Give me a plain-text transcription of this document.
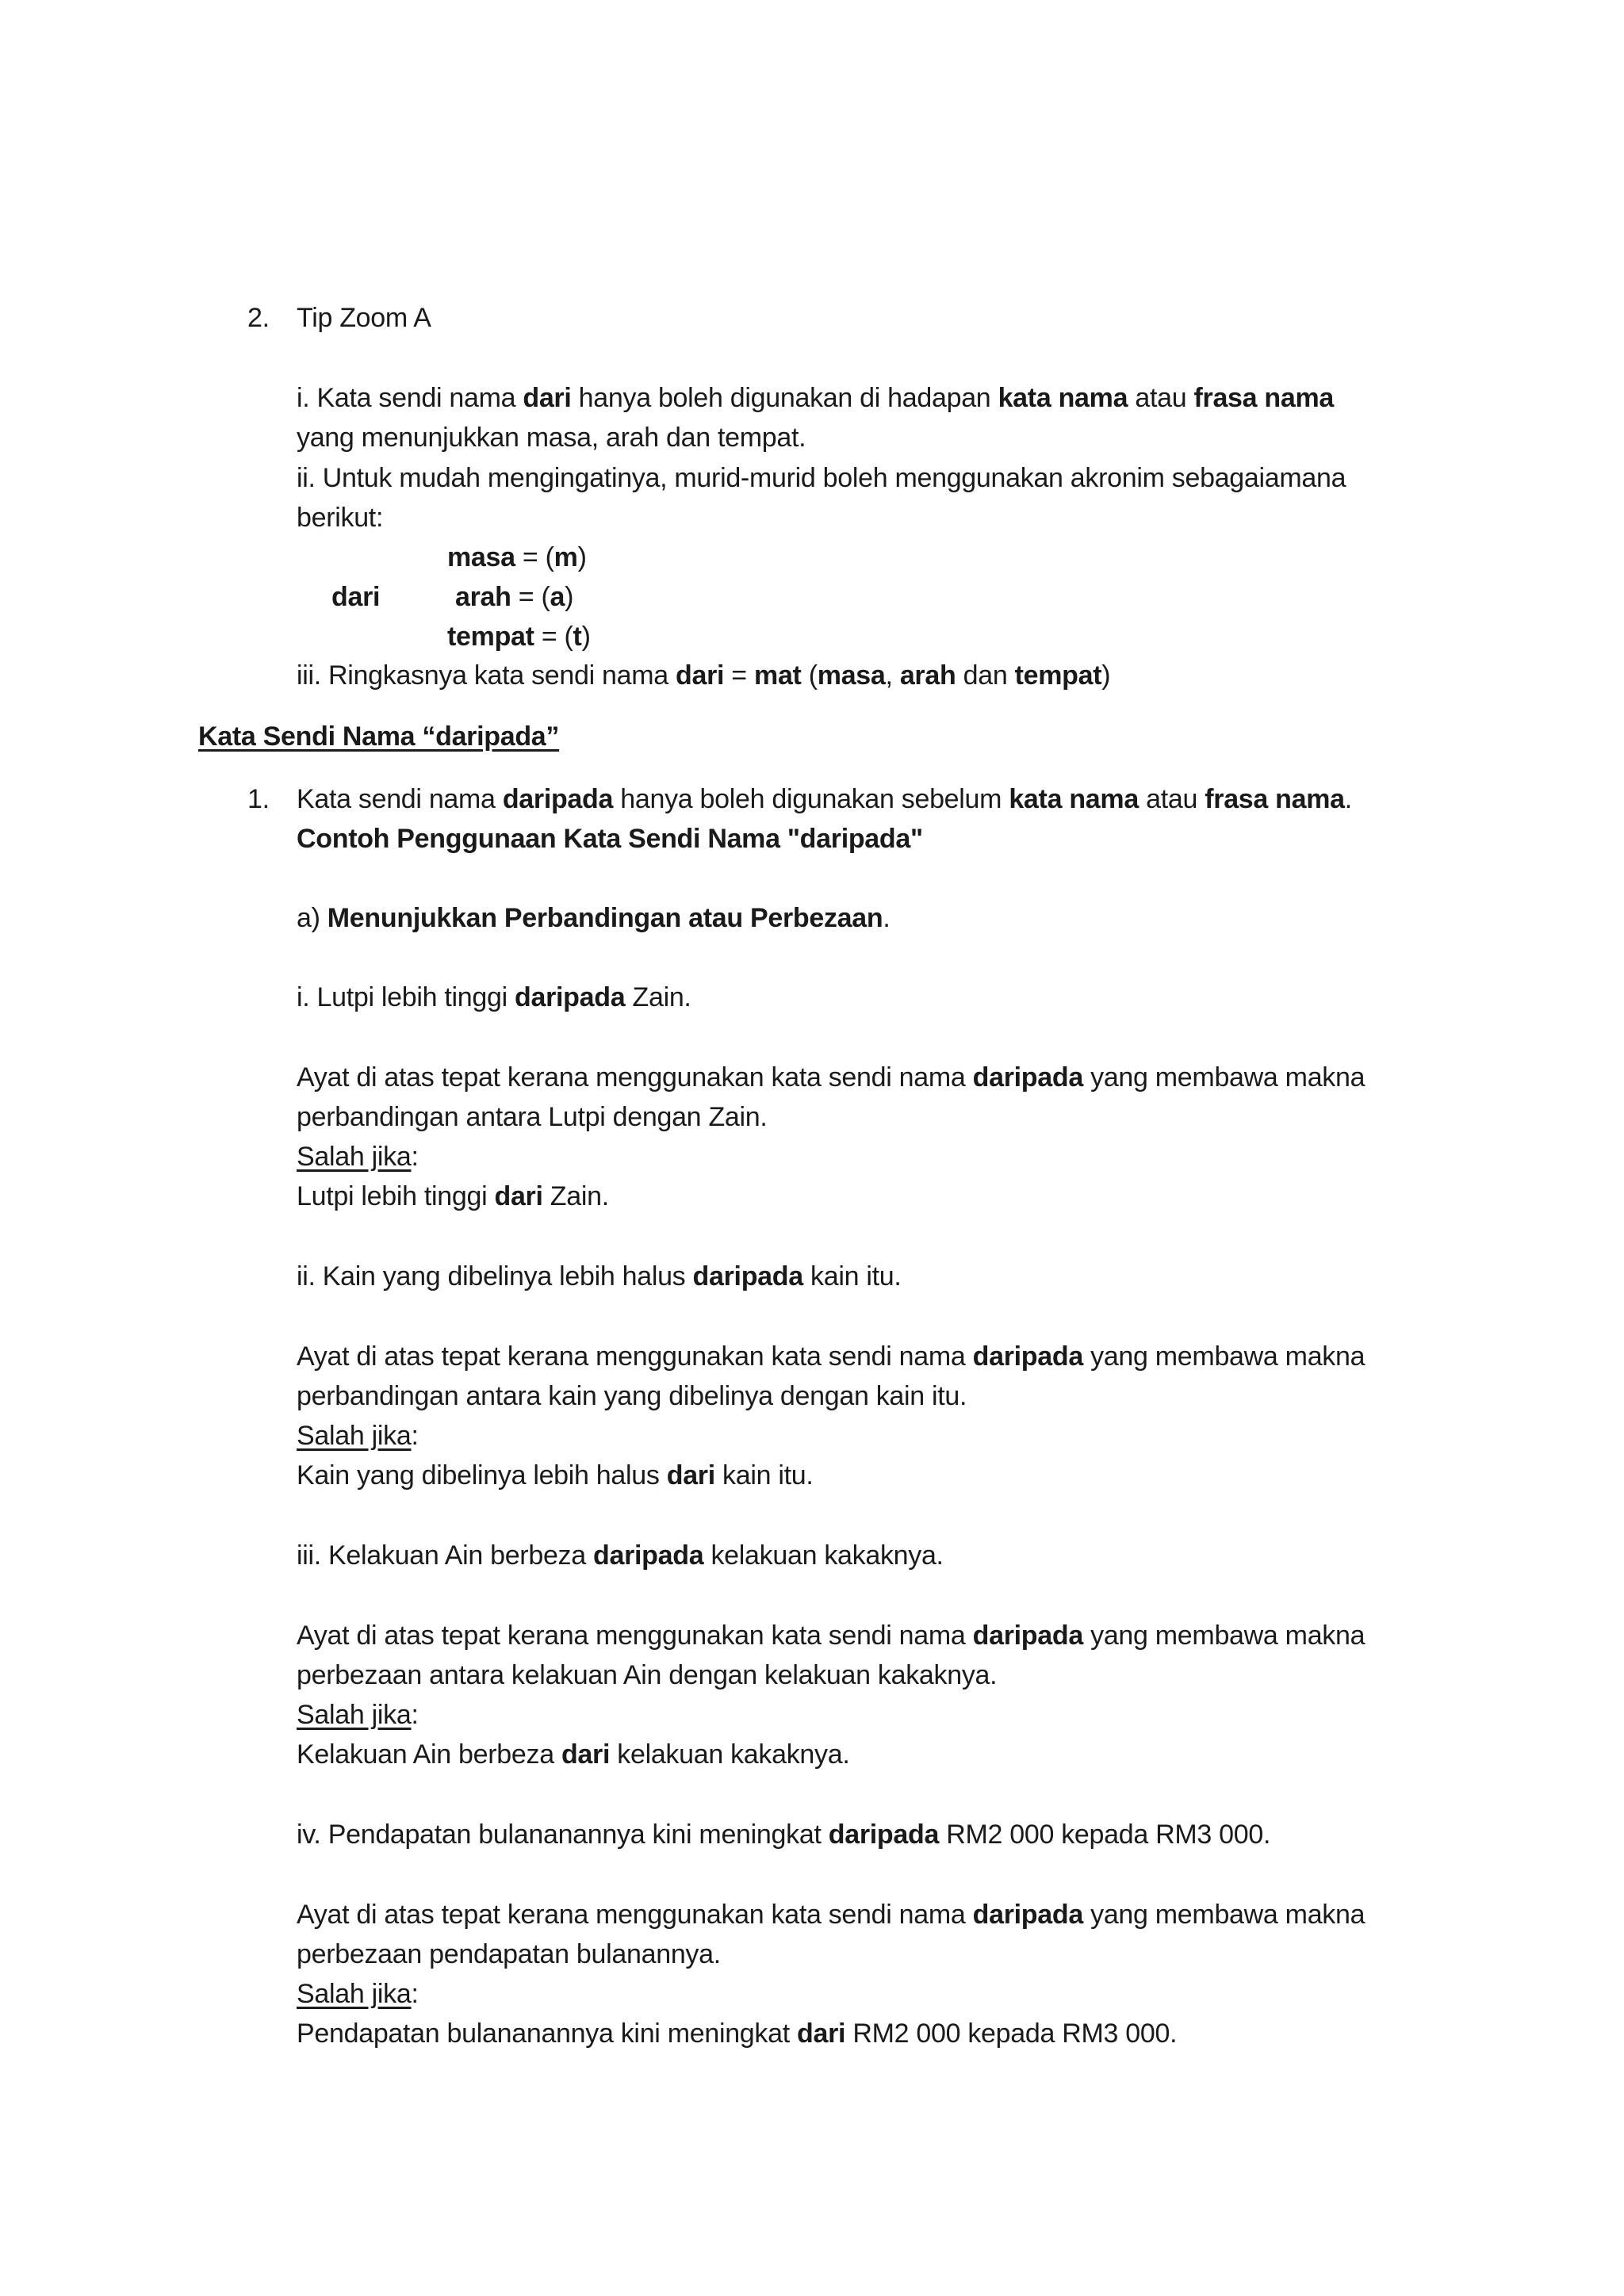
2. Tip Zoom A
i. Kata sendi nama dari hanya boleh digunakan di hadapan kata nama atau frasa nama
yang menunjukkan masa, arah dan tempat.
ii. Untuk mudah mengingatinya, murid-murid boleh menggunakan akronim sebagaiamana
berikut:
masa = (m)
dari	arah = (a)
tempat = (t)
iii. Ringkasnya kata sendi nama dari = mat (masa, arah dan tempat)
Kata Sendi Nama “daripada”
1. Kata sendi nama daripada hanya boleh digunakan sebelum kata nama atau frasa nama.
Contoh Penggunaan Kata Sendi Nama "daripada"
a) Menunjukkan Perbandingan atau Perbezaan.
i. Lutpi lebih tinggi daripada Zain.
Ayat di atas tepat kerana menggunakan kata sendi nama daripada yang membawa makna
perbandingan antara Lutpi dengan Zain.
Salah jika:
Lutpi lebih tinggi dari Zain.
ii. Kain yang dibelinya lebih halus daripada kain itu.
Ayat di atas tepat kerana menggunakan kata sendi nama daripada yang membawa makna
perbandingan antara kain yang dibelinya dengan kain itu.
Salah jika:
Kain yang dibelinya lebih halus dari kain itu.
iii. Kelakuan Ain berbeza daripada kelakuan kakaknya.
Ayat di atas tepat kerana menggunakan kata sendi nama daripada yang membawa makna
perbezaan antara kelakuan Ain dengan kelakuan kakaknya.
Salah jika:
Kelakuan Ain berbeza dari kelakuan kakaknya.
iv. Pendapatan bulananannya kini meningkat daripada RM2 000 kepada RM3 000.
Ayat di atas tepat kerana menggunakan kata sendi nama daripada yang membawa makna
perbezaan pendapatan bulanannya.
Salah jika:
Pendapatan bulananannya kini meningkat dari RM2 000 kepada RM3 000.
